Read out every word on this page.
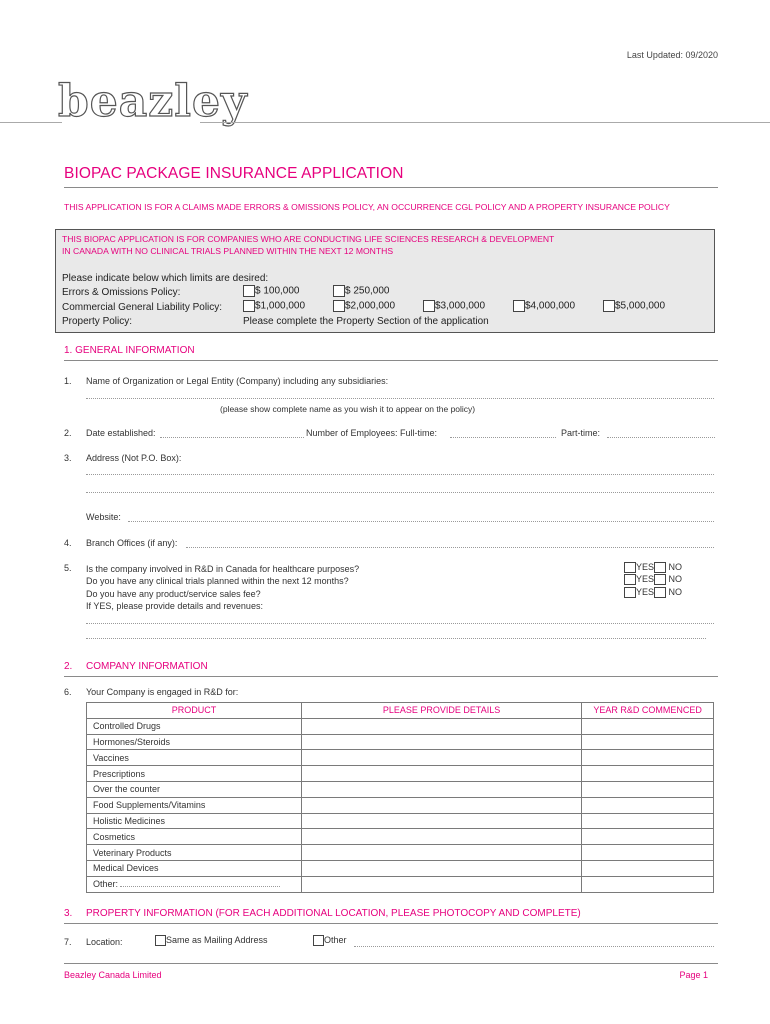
Last Updated: 09/2020
beazley
BIOPAC PACKAGE INSURANCE APPLICATION
THIS APPLICATION IS FOR A CLAIMS MADE ERRORS & OMISSIONS POLICY, AN OCCURRENCE CGL POLICY AND A PROPERTY INSURANCE POLICY
THIS BIOPAC APPLICATION IS FOR COMPANIES WHO ARE CONDUCTING LIFE SCIENCES RESEARCH & DEVELOPMENT
IN CANADA WITH NO CLINICAL TRIALS PLANNED WITHIN THE NEXT 12 MONTHS
Please indicate below which limits are desired:
Errors & Omissions Policy:	$ 100,000	$ 250,000
Commercial General Liability Policy:	$1,000,000	$2,000,000	$3,000,000	$4,000,000	$5,000,000
Property Policy:	Please complete the Property Section of the application
1. GENERAL INFORMATION
1. Name of Organization or Legal Entity (Company) including any subsidiaries:
(please show complete name as you wish it to appear on the policy)
2. Date established:	Number of Employees: Full-time:	Part-time:
3. Address (Not P.O. Box):
Website:
4. Branch Offices (if any):
5. Is the company involved in R&D in Canada for healthcare purposes?
Do you have any clinical trials planned within the next 12 months?
Do you have any product/service sales fee?
If YES, please provide details and revenues:
YES NO
YES NO
YES NO
2. COMPANY INFORMATION
6. Your Company is engaged in R&D for:
PRODUCT	PLEASE PROVIDE DETAILS	YEAR R&D COMMENCED
Controlled Drugs		
Hormones/Steroids		
Vaccines		
Prescriptions		
Over the counter		
Food Supplements/Vitamins		
Holistic Medicines		
Cosmetics		
Veterinary Products		
Medical Devices		
Other:		
3. PROPERTY INFORMATION (FOR EACH ADDITIONAL LOCATION, PLEASE PHOTOCOPY AND COMPLETE)
7. Location:	Same as Mailing Address	Other
Beazley Canada Limited	Page 1
